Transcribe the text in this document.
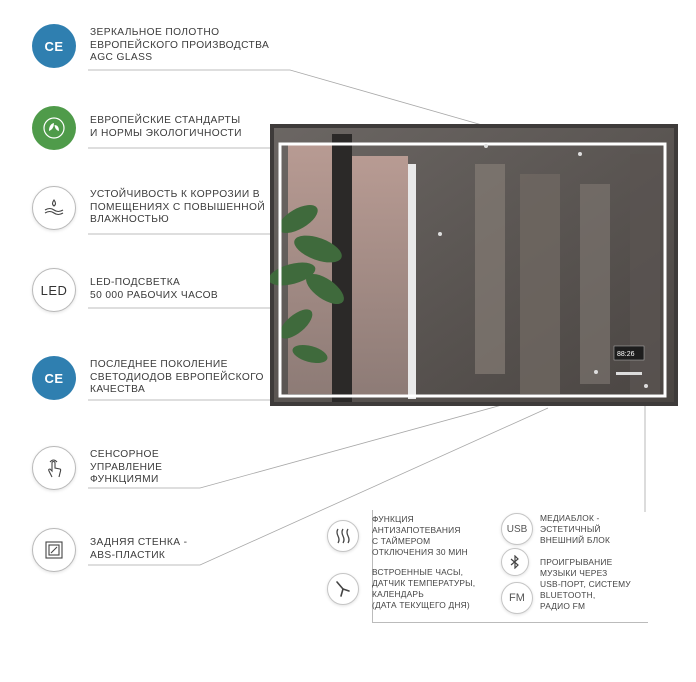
88:26
CE
ЗЕРКАЛЬНОЕ ПОЛОТНО
ЕВРОПЕЙСКОГО ПРОИЗВОДСТВА
AGC GLASS
ЕВРОПЕЙСКИЕ СТАНДАРТЫ
И НОРМЫ ЭКОЛОГИЧНОСТИ
УСТОЙЧИВОСТЬ К КОРРОЗИИ В
ПОМЕЩЕНИЯХ С ПОВЫШЕННОЙ
ВЛАЖНОСТЬЮ
LED LED-ПОДСВЕТКА
50 000 РАБОЧИХ ЧАСОВ
CE
ПОСЛЕДНЕЕ ПОКОЛЕНИЕ
СВЕТОДИОДОВ ЕВРОПЕЙСКОГО
КАЧЕСТВА
СЕНСОРНОЕ
УПРАВЛЕНИЕ
ФУНКЦИЯМИ
ЗАДНЯЯ СТЕНКА -
ABS-ПЛАСТИК
ФУНКЦИЯ
АНТИЗАПОТЕВАНИЯ
С ТАЙМЕРОМ
ОТКЛЮЧЕНИЯ 30 МИН
ВСТРОЕННЫЕ ЧАСЫ,
ДАТЧИК ТЕМПЕРАТУРЫ,
КАЛЕНДАРЬ
(ДАТА ТЕКУЩЕГО ДНЯ)
USB
МЕДИАБЛОК -
ЭСТЕТИЧНЫЙ
ВНЕШНИЙ БЛОК
ПРОИГРЫВАНИЕ
МУЗЫКИ ЧЕРЕЗ
USB-ПОРТ, СИСТЕМУ
BLUETOOTH,
РАДИО FM
FM
